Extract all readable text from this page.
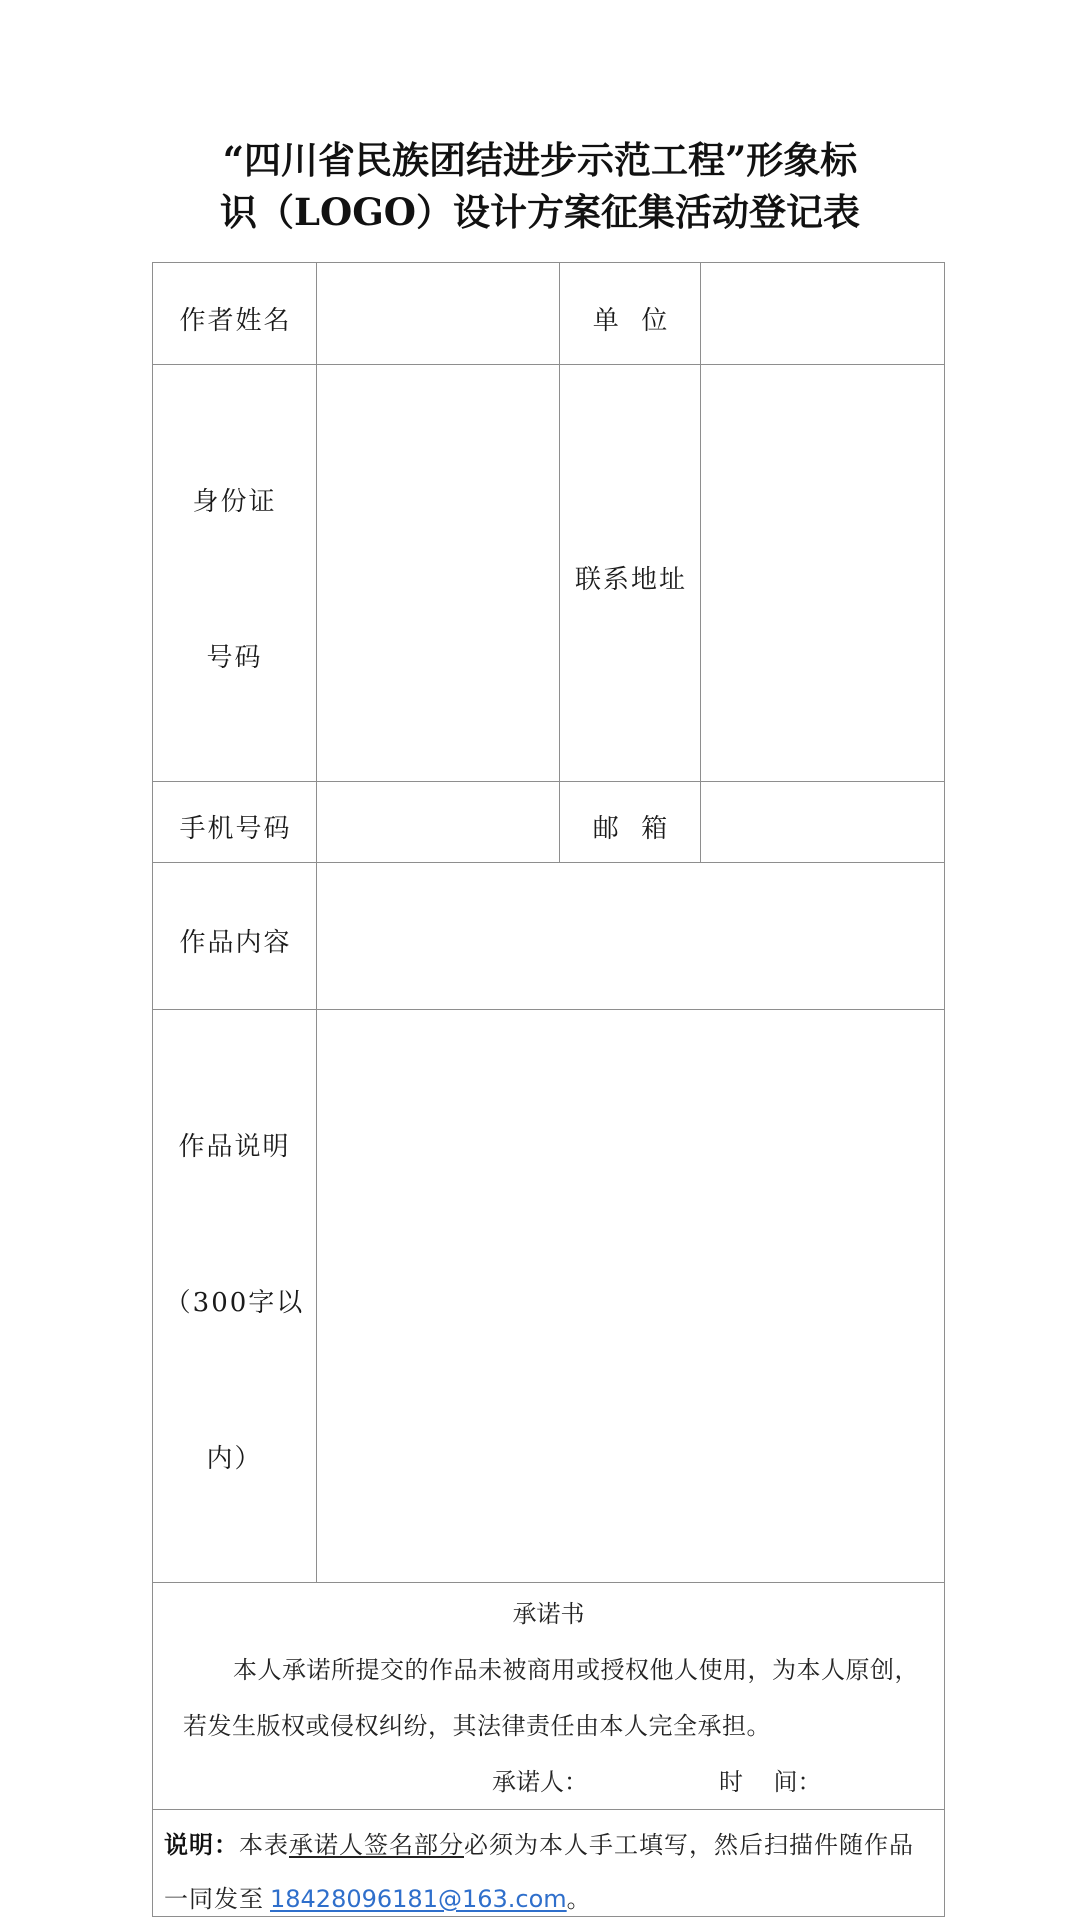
“四川省民族团结进步示范工程”形象标
识（LOGO）设计方案征集活动登记表
作者姓名		单  位	

身份证

号码		联系地址	
手机号码		邮  箱	
作品内容			

作品说明

（300字以

内）			

承诺书
本人承诺所提交的作品未被商用或授权他人使用，为本人原创，
若发生版权或侵权纠纷，其法律责任由本人完全承担。
承诺人： 时    间：			

说明：本表承诺人签名部分必须为本人手工填写，然后扫描件随作品
一同发至 18428096181@163.com。			
